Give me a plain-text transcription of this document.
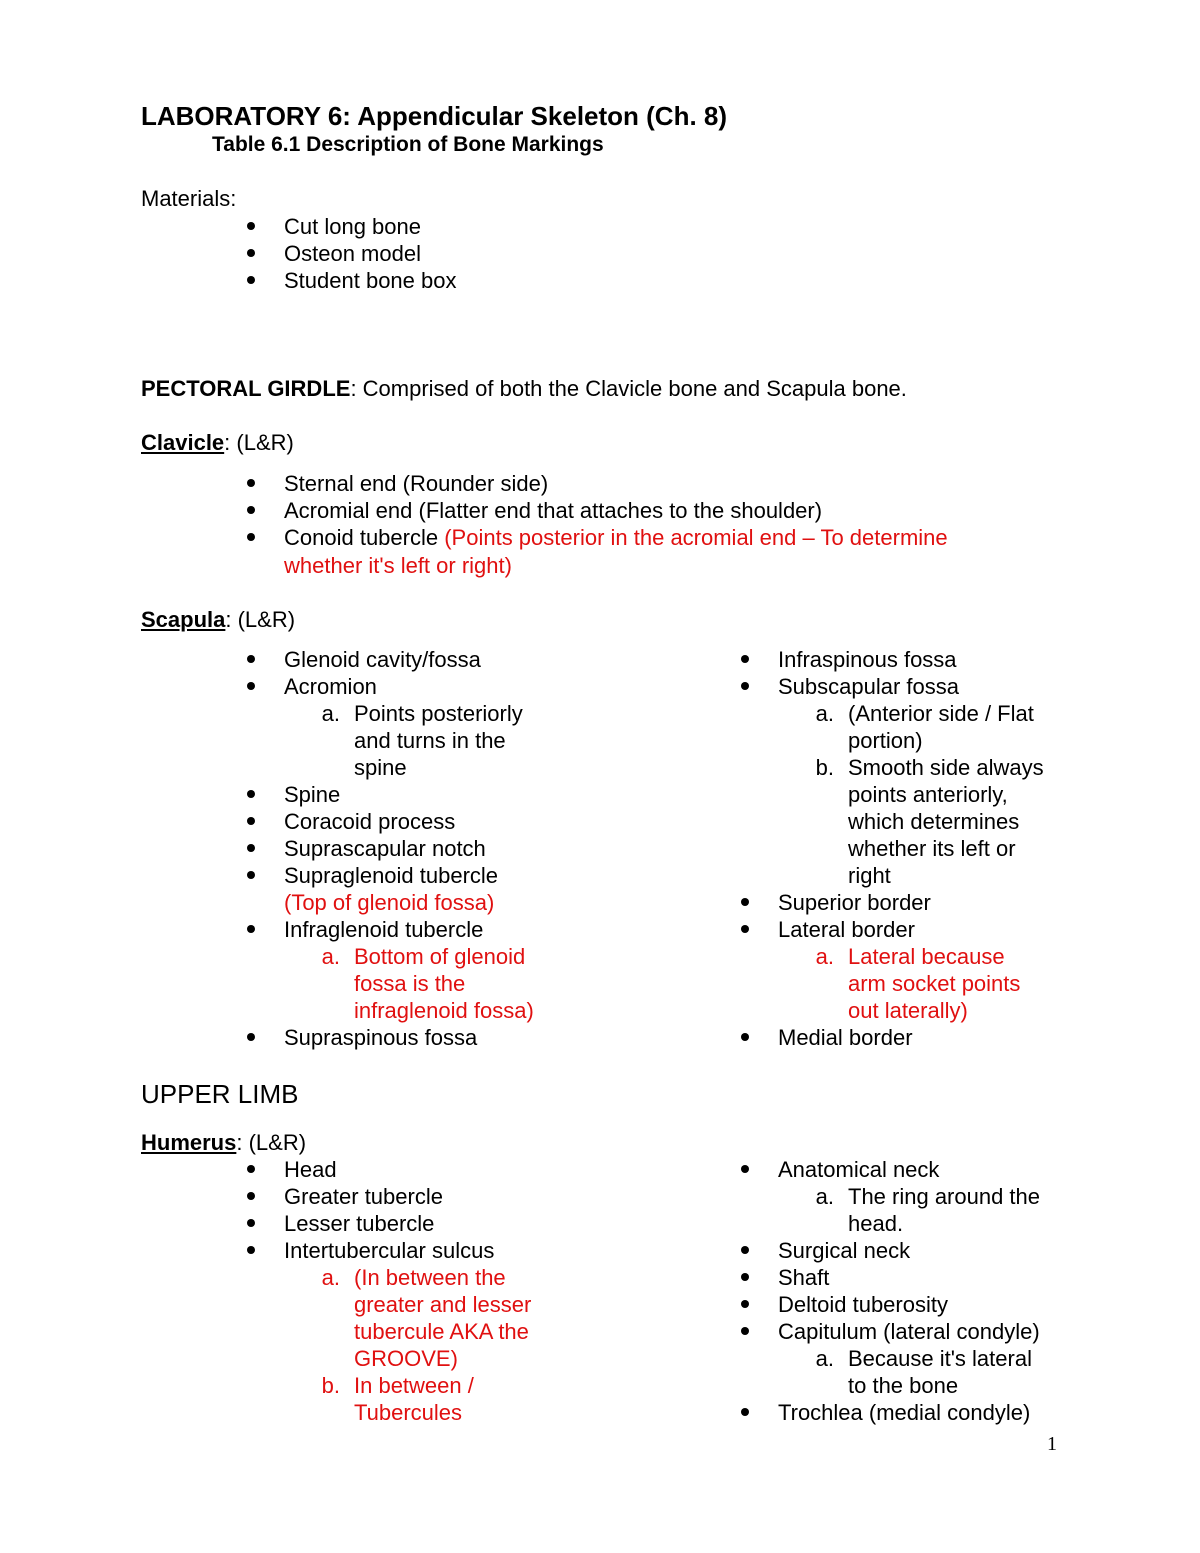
LABORATORY 6: Appendicular Skeleton (Ch. 8)
Table 6.1 Description of Bone Markings
Materials:
Cut long bone
Osteon model
Student bone box
PECTORAL GIRDLE: Comprised of both the Clavicle bone and Scapula bone.
Clavicle: (L&R)
Sternal end (Rounder side)
Acromial end (Flatter end that attaches to the shoulder)
Conoid tubercle (Points posterior in the acromial end – To determine
whether it's left or right)
Scapula: (L&R)
Glenoid cavity/fossa
Acromion
a. Points posteriorly
and turns in the
spine
Spine
Coracoid process
Suprascapular notch
Supraglenoid tubercle
(Top of glenoid fossa)
Infraglenoid tubercle
a. Bottom of glenoid
fossa is the
infraglenoid fossa)
Supraspinous fossa
Infraspinous fossa
Subscapular fossa
a. (Anterior side / Flat
portion)
b. Smooth side always
points anteriorly,
which determines
whether its left or
right
Superior border
Lateral border
a. Lateral because
arm socket points
out laterally)
Medial border
UPPER LIMB
Humerus: (L&R)
Head
Greater tubercle
Lesser tubercle
Intertubercular sulcus
a. (In between the
greater and lesser
tubercule AKA the
GROOVE)
b. In between /
Tubercules
Anatomical neck
a. The ring around the
head.
Surgical neck
Shaft
Deltoid tuberosity
Capitulum (lateral condyle)
a. Because it's lateral
to the bone
Trochlea (medial condyle)
1
